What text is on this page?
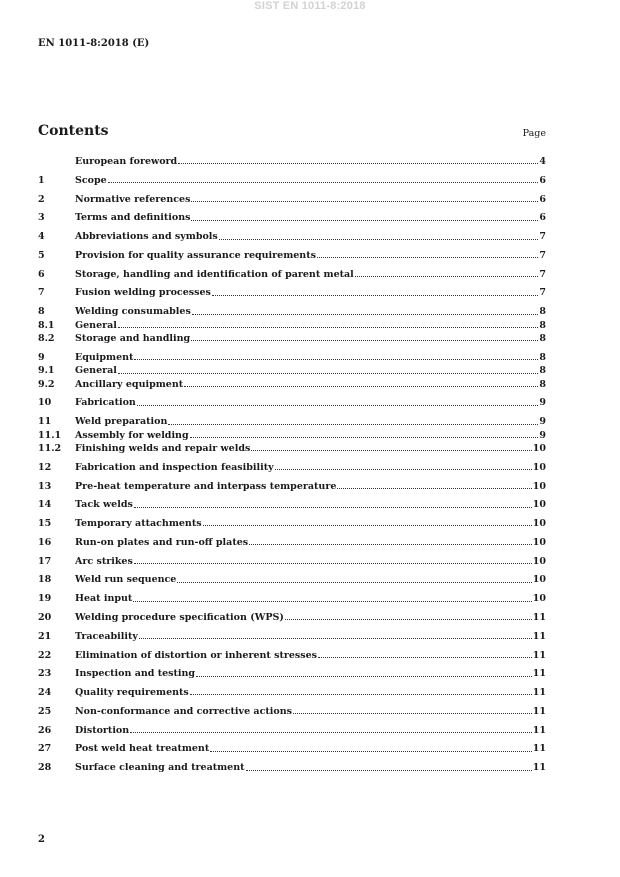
SIST EN 1011-8:2018
EN 1011-8:2018 (E)
Contents	Page
European foreword	4
1	Scope	6
2	Normative references	6
3	Terms and definitions	6
4	Abbreviations and symbols	7
5	Provision for quality assurance requirements	7
6	Storage, handling and identification of parent metal	7
7	Fusion welding processes	7
8	Welding consumables	8
8.1	General	8
8.2	Storage and handling	8
9	Equipment	8
9.1	General	8
9.2	Ancillary equipment	8
10	Fabrication	9
11	Weld preparation	9
11.1	Assembly for welding	9
11.2	Finishing welds and repair welds	10
12	Fabrication and inspection feasibility	10
13	Pre-heat temperature and interpass temperature	10
14	Tack welds	10
15	Temporary attachments	10
16	Run-on plates and run-off plates	10
17	Arc strikes	10
18	Weld run sequence	10
19	Heat input	10
20	Welding procedure specification (WPS)	11
21	Traceability	11
22	Elimination of distortion or inherent stresses	11
23	Inspection and testing	11
24	Quality requirements	11
25	Non-conformance and corrective actions	11
26	Distortion	11
27	Post weld heat treatment	11
28	Surface cleaning and treatment	11
2
